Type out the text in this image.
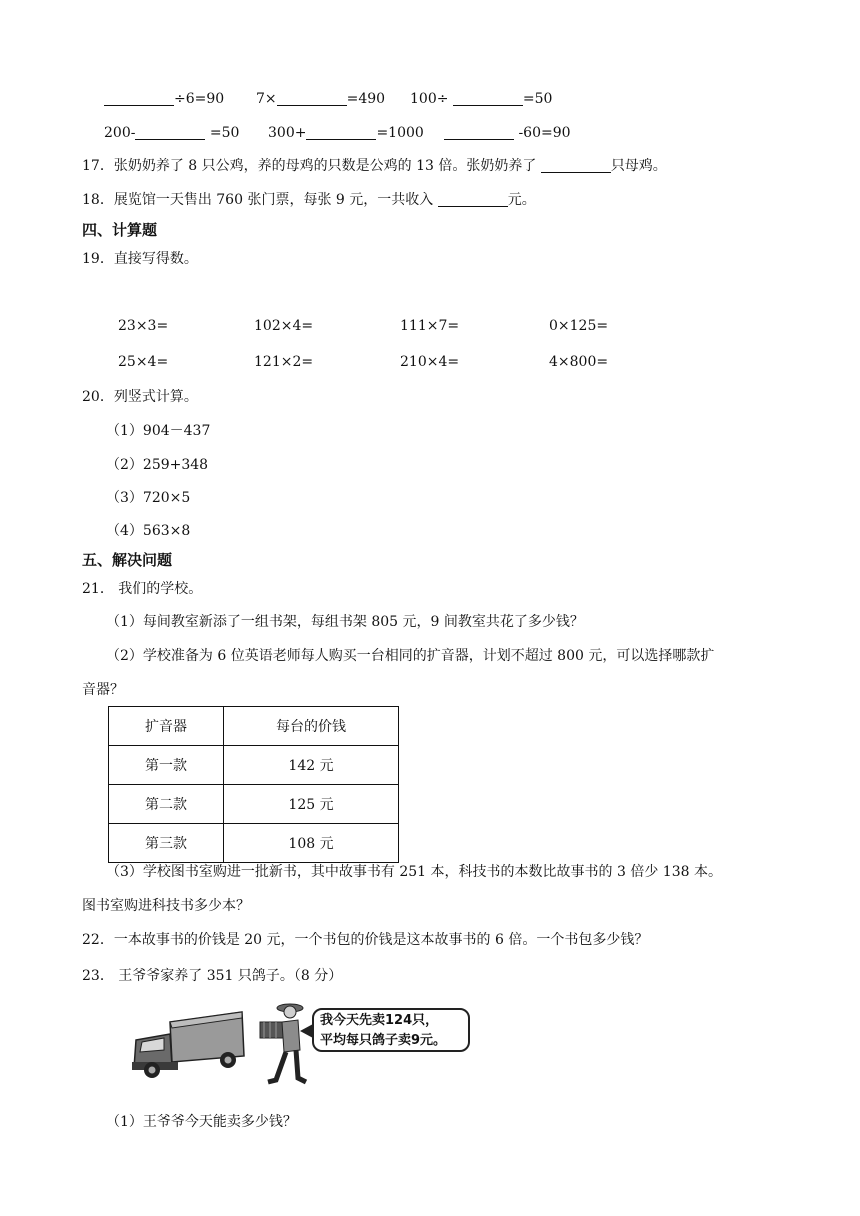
÷6=90 7×	=490 100÷	=50
200-	=50 300+	=1000	-60=90
17．张奶奶养了 8 只公鸡，养的母鸡的只数是公鸡的 13 倍。张奶奶养了	只母鸡。
18．展览馆一天售出 760 张门票，每张 9 元，一共收入	元。
四、计算题
19．直接写得数。
23×3=	102×4=	111×7=	0×125=
25×4=	121×2=	210×4=	4×800=
20．列竖式计算。
（1）904－437
（2）259+348
（3）720×5
（4）563×8
五、解决问题
21． 我们的学校。
（1）每间教室新添了一组书架，每组书架 805 元，9 间教室共花了多少钱？
（2）学校准备为 6 位英语老师每人购买一台相同的扩音器，计划不超过 800 元，可以选择哪款扩
音器？
扩音器	每台的价钱
第一款	142 元
第二款	125 元
第三款	108 元
（3）学校图书室购进一批新书，其中故事书有 251 本，科技书的本数比故事书的 3 倍少 138 本。
图书室购进科技书多少本？
22．一本故事书的价钱是 20 元，一个书包的价钱是这本故事书的 6 倍。一个书包多少钱？
23． 王爷爷家养了 351 只鸽子。（8 分）
我今天先卖124只，
平均每只鸽子卖9元。
（1）王爷爷今天能卖多少钱？
